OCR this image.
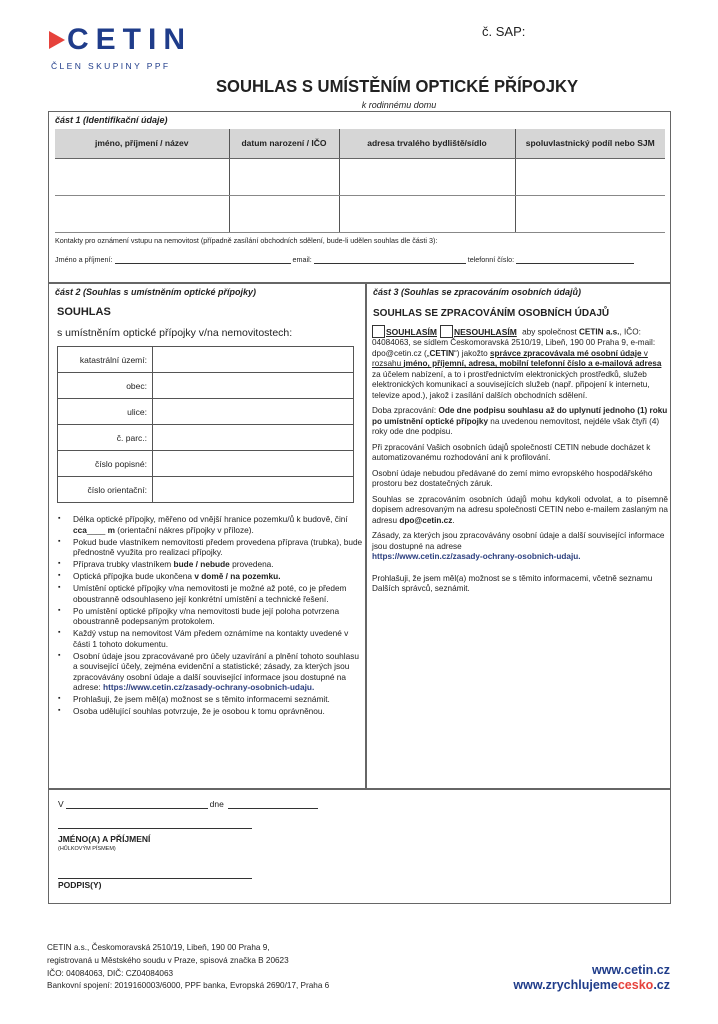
CETIN
ČLEN SKUPINY PPF
č. SAP:
SOUHLAS S UMÍSTĚNÍM OPTICKÉ PŘÍPOJKY
k rodinnému domu
část 1 (Identifikační údaje)
jméno, příjmení / název	datum narození / IČO	adresa trvalého bydliště/sídlo	spoluvlastnický podíl nebo SJM

Kontakty pro oznámení vstupu na nemovitost (případně zasílání obchodních sdělení, bude-li udělen souhlas dle části 3):
Jméno a příjmení:	email:	telefonní číslo:
část 2 (Souhlas s umístněním optické přípojky)
SOUHLAS
s umístněním optické přípojky v/na nemovitostech:
katastrální území:	
obec:	
ulice:	
č. parc.:	
číslo popisné:	
číslo orientační:	
▪ Délka optické přípojky, měřeno od vnější hranice pozemku/ů k budově, činí cca____ m (orientační nákres přípojky v příloze).
▪ Pokud bude vlastníkem nemovitosti předem provedena příprava (trubka), bude přednostně využita pro realizaci přípojky.
▪ Příprava trubky vlastníkem bude / nebude provedena.
▪ Optická přípojka bude ukončena v domě / na pozemku.
▪ Umístění optické přípojky v/na nemovitosti je možné až poté, co je předem oboustranně odsouhlaseno její konkrétní umístění a technické řešení.
▪ Po umístění optické přípojky v/na nemovitosti bude její poloha potvrzena oboustranně podepsaným protokolem.
▪ Každý vstup na nemovitost Vám předem oznámíme na kontakty uvedené v části 1 tohoto dokumentu.
▪ Osobní údaje jsou zpracovávané pro účely uzavírání a plnění tohoto souhlasu a související účely, zejména evidenční a statistické; zásady, za kterých jsou zpracovávány osobní údaje a další související informace jsou dostupné na adrese: https://www.cetin.cz/zasady-ochrany-osobnich-udaju.
▪ Prohlašuji, že jsem měl(a) možnost se s těmito informacemi seznámit.
▪ Osoba udělující souhlas potvrzuje, že je osobou k tomu oprávněnou.
část 3 (Souhlas se zpracováním osobních údajů)
SOUHLAS SE ZPRACOVÁNÍM OSOBNÍCH ÚDAJŮ

SOUHLASÍM NESOUHLASÍM aby společnost CETIN a.s., IČO: 04084063, se sídlem Českomoravská 2510/19, Libeň, 190 00 Praha 9, e-mail: dpo@cetin.cz („CETIN“) jakožto správce zpracovávala mé osobní údaje v rozsahu jméno, příjemní, adresa, mobilní telefonní číslo a e-mailová adresa za účelem nabízení, a to i prostřednictvím elektronických prostředků, služeb elektronických komunikací a souvisejících služeb (např. připojení k internetu, televize apod.), jakož i zasílání dalších obchodních sdělení.

Doba zpracování: Ode dne podpisu souhlasu až do uplynutí jednoho (1) roku po umístnění optické přípojky na uvedenou nemovitost, nejdéle však čtyři (4) roky ode dne podpisu.

Při zpracování Vašich osobních údajů společností CETIN nebude docházet k automatizovanému rozhodování ani k profilování.

Osobní údaje nebudou předávané do zemí mimo evropského hospodářského prostoru bez dostatečných záruk.

Souhlas se zpracováním osobních údajů mohu kdykoli odvolat, a to písemně dopisem adresovaným na adresu společnosti CETIN nebo e-mailem zaslaným na adresu dpo@cetin.cz.

Zásady, za kterých jsou zpracovávány osobní údaje a další související informace jsou dostupné na adrese
https://www.cetin.cz/zasady-ochrany-osobnich-udaju.

Prohlašuji, že jsem měl(a) možnost se s těmito informacemi, včetně seznamu Dalších správců, seznámit.

V	dne
JMÉNO(A) A PŘÍJMENÍ
(HŮLKOVÝM PÍSMEM)
PODPIS(Y)
CETIN a.s., Českomoravská 2510/19, Libeň, 190 00 Praha 9,
registrovaná u Městského soudu v Praze, spisová značka B 20623
IČO: 04084063, DIČ: CZ04084063
Bankovní spojení: 2019160003/6000, PPF banka, Evropská 2690/17, Praha 6
www.cetin.cz
www.zrychlujemecesko.cz
